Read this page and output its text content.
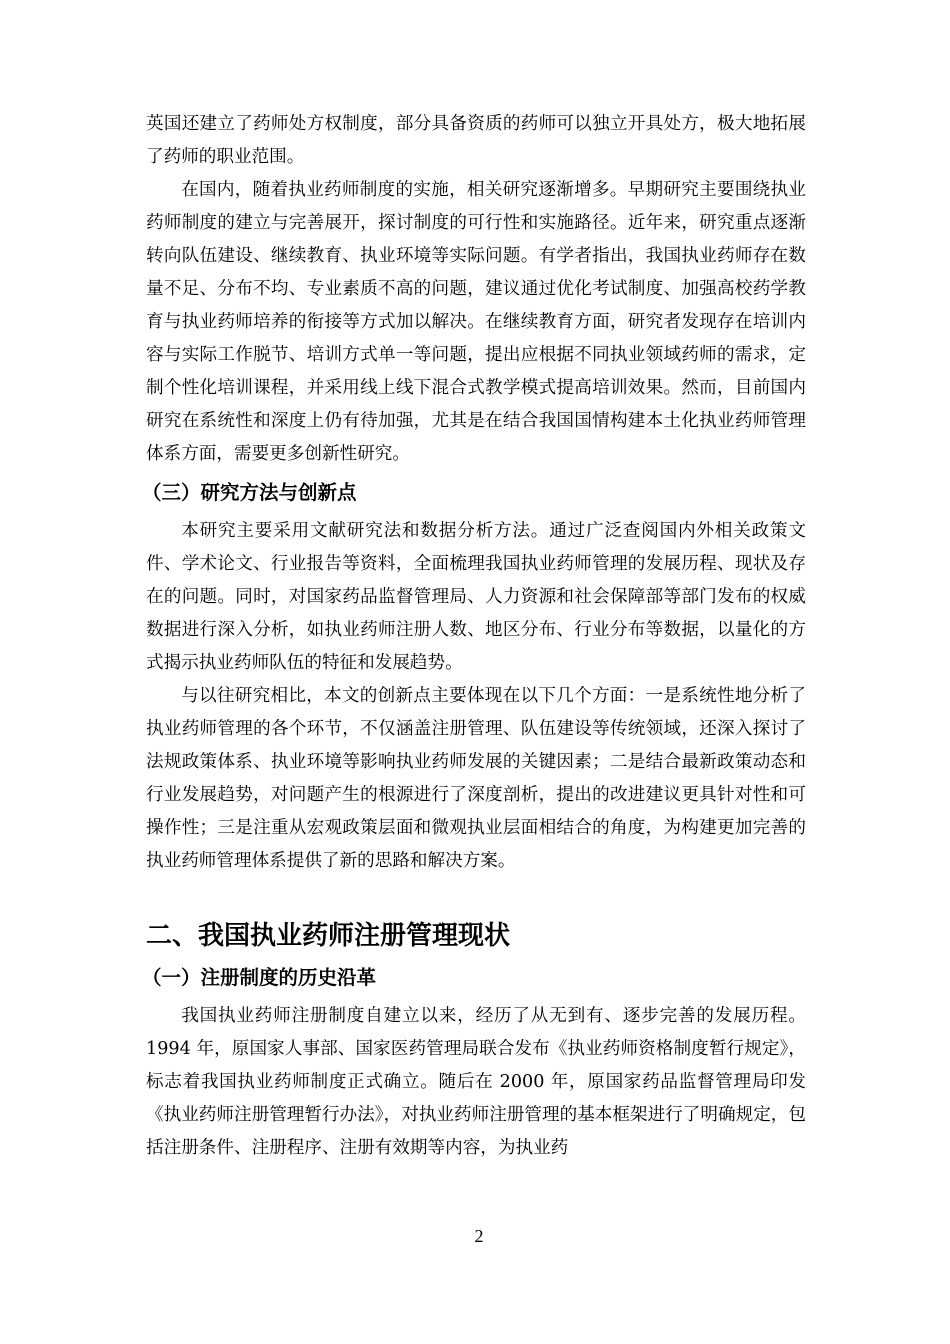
英国还建立了药师处方权制度，部分具备资质的药师可以独立开具处方，极大地拓展了药师的职业范围。

在国内，随着执业药师制度的实施，相关研究逐渐增多。早期研究主要围绕执业药师制度的建立与完善展开，探讨制度的可行性和实施路径。近年来，研究重点逐渐转向队伍建设、继续教育、执业环境等实际问题。有学者指出，我国执业药师存在数量不足、分布不均、专业素质不高的问题，建议通过优化考试制度、加强高校药学教育与执业药师培养的衔接等方式加以解决。在继续教育方面，研究者发现存在培训内容与实际工作脱节、培训方式单一等问题，提出应根据不同执业领域药师的需求，定制个性化培训课程，并采用线上线下混合式教学模式提高培训效果。然而，目前国内研究在系统性和深度上仍有待加强，尤其是在结合我国国情构建本土化执业药师管理体系方面，需要更多创新性研究。

（三）研究方法与创新点

本研究主要采用文献研究法和数据分析方法。通过广泛查阅国内外相关政策文件、学术论文、行业报告等资料，全面梳理我国执业药师管理的发展历程、现状及存在的问题。同时，对国家药品监督管理局、人力资源和社会保障部等部门发布的权威数据进行深入分析，如执业药师注册人数、地区分布、行业分布等数据，以量化的方式揭示执业药师队伍的特征和发展趋势。

与以往研究相比，本文的创新点主要体现在以下几个方面：一是系统性地分析了执业药师管理的各个环节，不仅涵盖注册管理、队伍建设等传统领域，还深入探讨了法规政策体系、执业环境等影响执业药师发展的关键因素；二是结合最新政策动态和行业发展趋势，对问题产生的根源进行了深度剖析，提出的改进建议更具针对性和可操作性；三是注重从宏观政策层面和微观执业层面相结合的角度，为构建更加完善的执业药师管理体系提供了新的思路和解决方案。

二、我国执业药师注册管理现状
（一）注册制度的历史沿革

我国执业药师注册制度自建立以来，经历了从无到有、逐步完善的发展历程。1994 年，原国家人事部、国家医药管理局联合发布《执业药师资格制度暂行规定》，标志着我国执业药师制度正式确立。随后在 2000 年，原国家药品监督管理局印发《执业药师注册管理暂行办法》，对执业药师注册管理的基本框架进行了明确规定，包括注册条件、注册程序、注册有效期等内容，为执业药

2
